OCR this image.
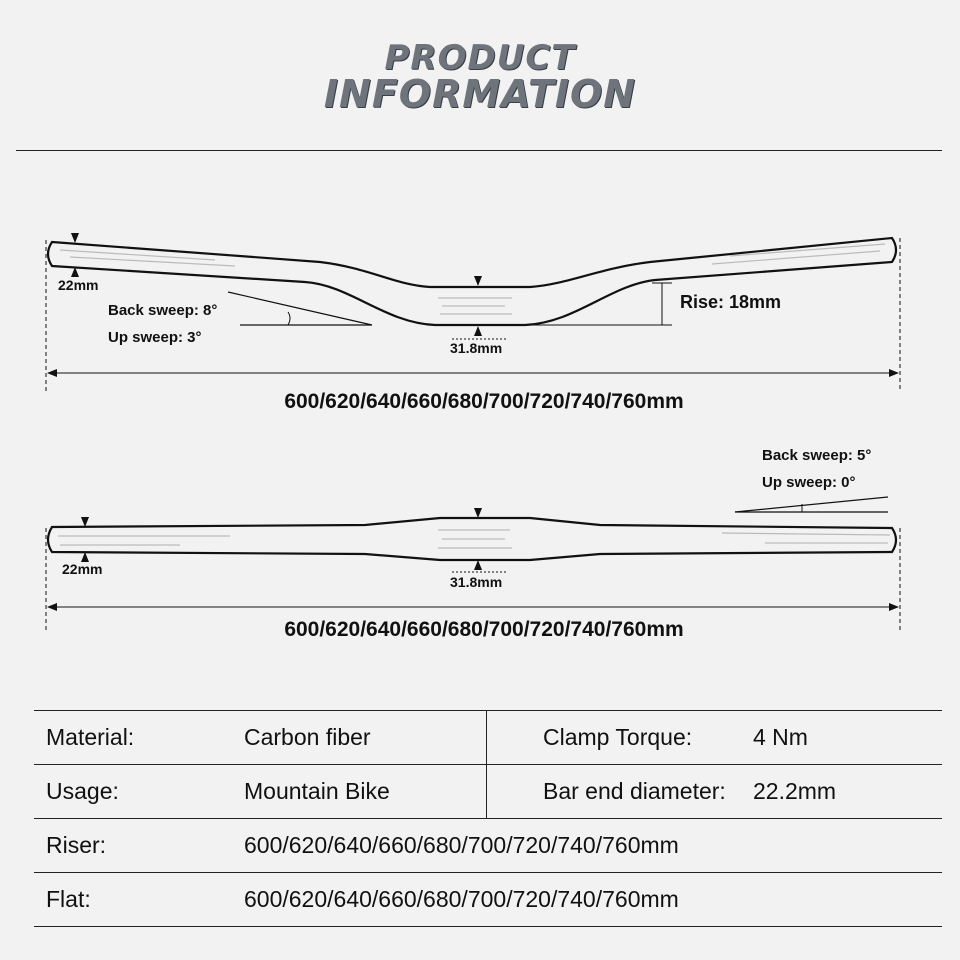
PRODUCT
INFORMATION
22mm
Back sweep: 8°
Up sweep: 3°
31.8mm
Rise: 18mm
600/620/640/660/680/700/720/740/760mm
22mm
Back sweep: 5°
Up sweep: 0°
31.8mm
600/620/640/660/680/700/720/740/760mm
Material:	Carbon fiber	Clamp Torque:	4 Nm
Usage:	Mountain Bike	Bar end diameter:	22.2mm
Riser:	600/620/640/660/680/700/720/740/760mm		
Flat:	600/620/640/660/680/700/720/740/760mm		
